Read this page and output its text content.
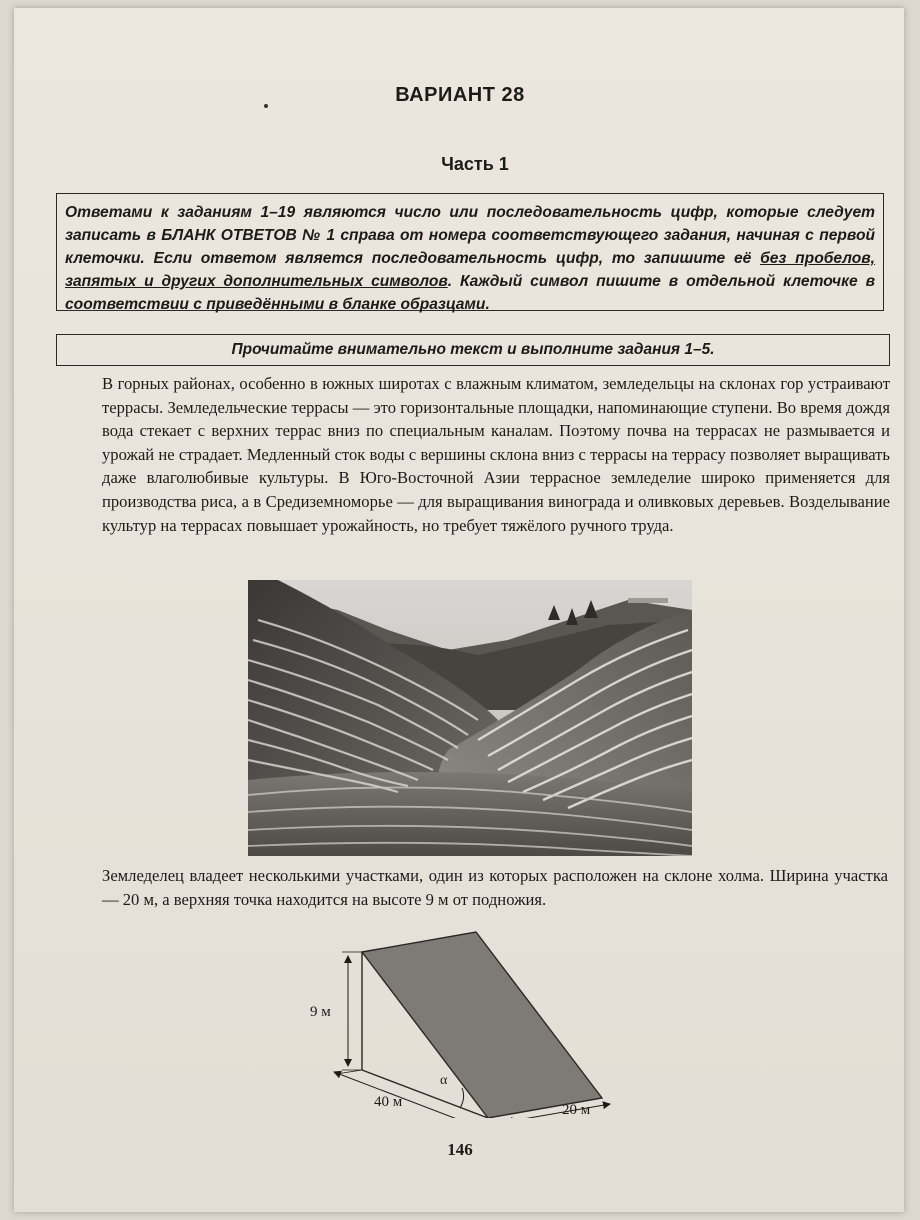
ВАРИАНТ 28
Часть 1
Ответами к заданиям 1–19 являются число или последовательность цифр, которые следует записать в БЛАНК ОТВЕТОВ № 1 справа от номера соответствующего задания, начиная с первой клеточки. Если ответом является последовательность цифр, то запишите её без пробелов, запятых и других дополнительных символов. Каждый символ пишите в отдельной клеточке в соответствии с приведёнными в бланке образцами.
Прочитайте внимательно текст и выполните задания 1–5.
В горных районах, особенно в южных широтах с влажным климатом, земледельцы на склонах гор устраивают террасы. Земледельческие террасы — это горизонтальные площадки, напоминающие ступени. Во время дождя вода стекает с верхних террас вниз по специальным каналам. Поэтому почва на террасах не размывается и урожай не страдает. Медленный сток воды с вершины склона вниз с террасы на террасу позволяет выращивать даже влаголюбивые культуры. В Юго-Восточной Азии террасное земледелие широко применяется для производства риса, а в Средиземноморье — для выращивания винограда и оливковых деревьев. Возделывание культур на террасах повышает урожайность, но требует тяжёлого ручного труда.
Земледелец владеет несколькими участками, один из которых расположен на склоне холма. Ширина участка — 20 м, а верхняя точка находится на высоте 9 м от подножия.
9 м
40 м	20 м
α
146
